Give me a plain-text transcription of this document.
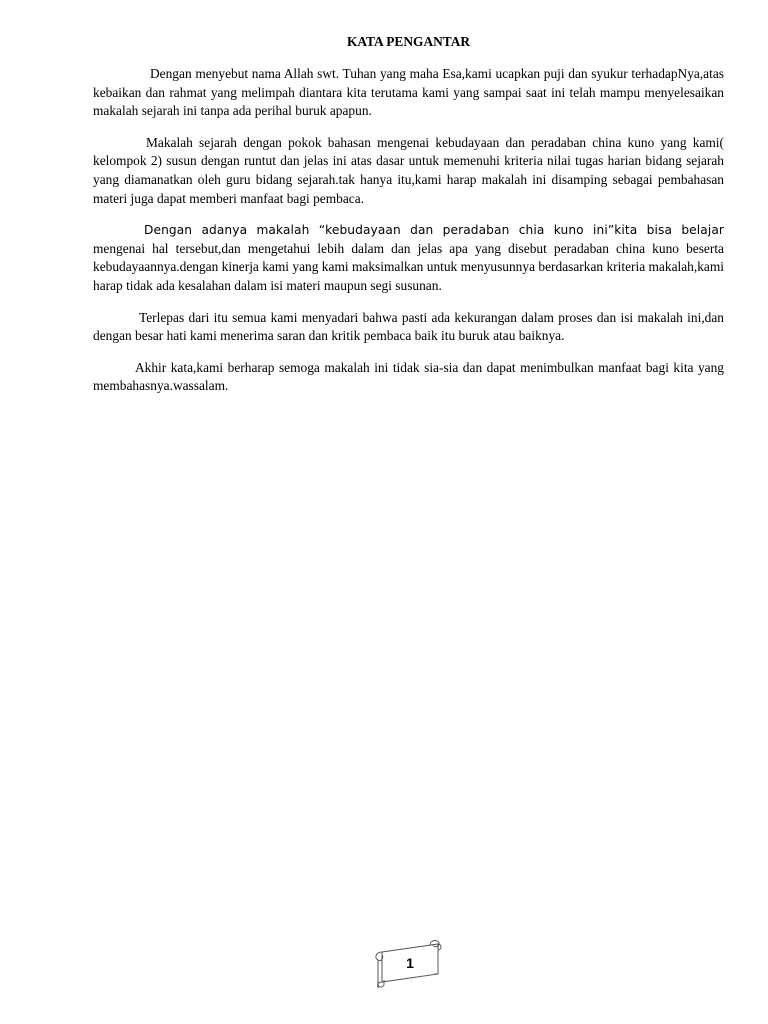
KATA PENGANTAR

Dengan menyebut nama Allah swt. Tuhan yang maha Esa,kami ucapkan puji dan syukur terhadapNya,atas kebaikan dan rahmat yang melimpah diantara kita terutama kami yang sampai saat ini telah mampu menyelesaikan makalah sejarah ini tanpa ada perihal buruk apapun.

Makalah sejarah dengan pokok bahasan mengenai kebudayaan dan peradaban china kuno yang kami( kelompok 2) susun dengan runtut dan jelas ini atas dasar untuk memenuhi kriteria nilai tugas harian bidang sejarah yang diamanatkan oleh guru bidang sejarah.tak hanya itu,kami harap makalah ini disamping sebagai pembahasan materi juga dapat memberi manfaat bagi pembaca.

Dengan adanya makalah “kebudayaan dan peradaban chia kuno ini”kita bisa belajar mengenai hal tersebut,dan mengetahui lebih dalam dan jelas apa yang disebut peradaban china kuno beserta kebudayaannya.dengan kinerja kami yang kami maksimalkan untuk menyusunnya berdasarkan kriteria makalah,kami harap tidak ada kesalahan dalam isi materi maupun segi susunan.

Terlepas dari itu semua kami menyadari bahwa pasti ada kekurangan dalam proses dan isi makalah ini,dan dengan besar hati kami menerima saran dan kritik pembaca baik itu buruk atau baiknya.

Akhir kata,kami berharap semoga makalah ini tidak sia-sia dan dapat menimbulkan manfaat bagi kita yang membahasnya.wassalam.

1
